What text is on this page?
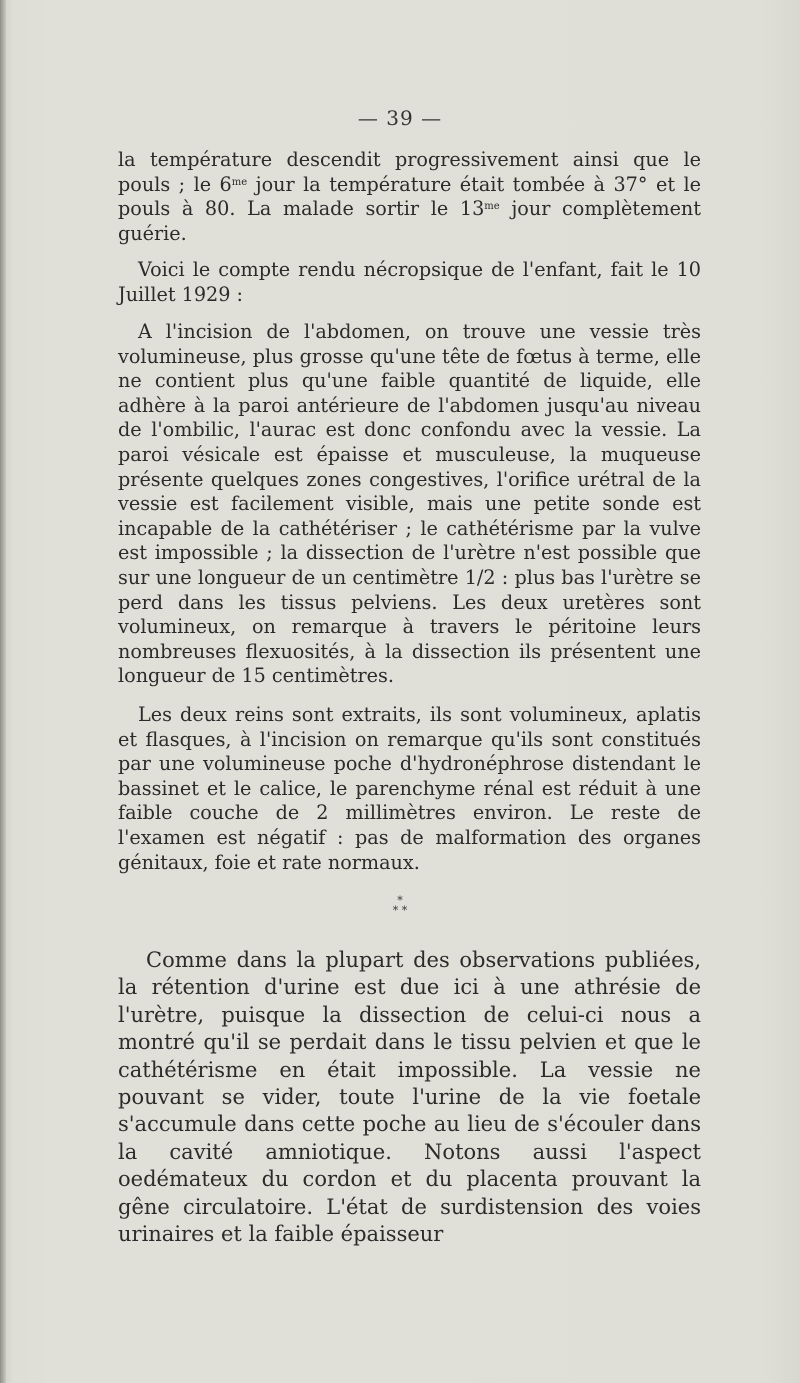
— 39 —

la température descendit progressivement ainsi que le pouls ; le $6^{me}$ jour la température était tombée à 37° et le pouls à 80. La malade sortir le $13^{me}$ jour complètement guérie.

Voici le compte rendu nécropsique de l'enfant, fait le 10 Juillet 1929 :

A l'incision de l'abdomen, on trouve une vessie très volumineuse, plus grosse qu'une tête de fœtus à terme, elle ne contient plus qu'une faible quantité de liquide, elle adhère à la paroi antérieure de l'abdomen jusqu'au niveau de l'ombilic, l'aurac est donc confondu avec la vessie. La paroi vésicale est épaisse et musculeuse, la muqueuse présente quelques zones congestives, l'orifice urétral de la vessie est facilement visible, mais une petite sonde est incapable de la cathétériser ; le cathétérisme par la vulve est impossible ; la dissection de l'urètre n'est possible que sur une longueur de un centimètre 1/2 : plus bas l'urètre se perd dans les tissus pelviens. Les deux uretères sont volumineux, on remarque à travers le péritoine leurs nombreuses flexuosités, à la dissection ils présentent une longueur de 15 centimètres.

Les deux reins sont extraits, ils sont volumineux, aplatis et flasques, à l'incision on remarque qu'ils sont constitués par une volumineuse poche d'hydronéphrose distendant le bassinet et le calice, le parenchyme rénal est réduit à une faible couche de 2 millimètres environ. Le reste de l'examen est négatif : pas de malformation des organes génitaux, foie et rate normaux.

*
* *

Comme dans la plupart des observations publiées, la rétention d'urine est due ici à une athrésie de l'urètre, puisque la dissection de celui-ci nous a montré qu'il se perdait dans le tissu pelvien et que le cathétérisme en était impossible. La vessie ne pouvant se vider, toute l'urine de la vie foetale s'accumule dans cette poche au lieu de s'écouler dans la cavité amniotique. Notons aussi l'aspect oedémateux du cordon et du placenta prouvant la gêne circulatoire. L'état de surdistension des voies urinaires et la faible épaisseur
